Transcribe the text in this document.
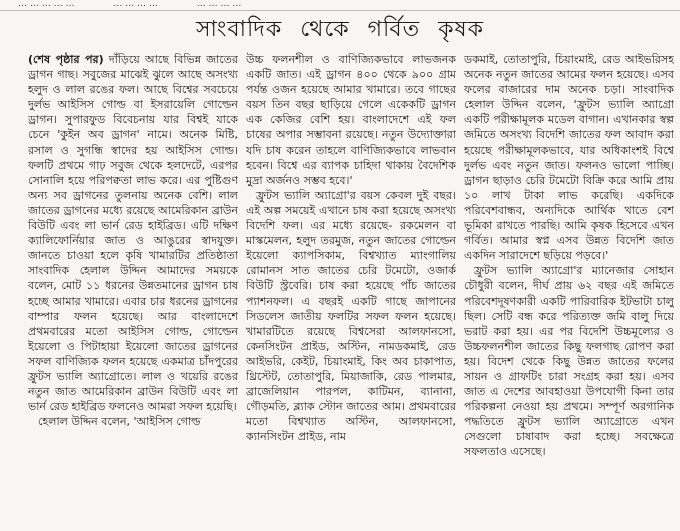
… … … … …	… … … …	… … … …
সাংবাদিক থেকে গর্বিত কৃষক

(শেষ পৃষ্ঠার পর) দাঁড়িয়ে আছে বিভিন্ন জাতের ড্রাগন গাছ। সবুজের মাঝেই ঝুলে আছে অসংখ্য হলুদ ও লাল রঙের ফল। আছে বিশ্বের সবচেয়ে দুর্লভ আইসিস গোল্ড বা ইসরায়েলি গোল্ডেন ড্রাগন। সুপারফুড বিবেচনায় যার বিশ্বই যাকে চেনে 'কুইন অব ড্রাগন' নামে। অনেক মিষ্টি, রসাল ও সুগন্ধি স্বাদের হয় আইসিস গোল্ড। ফলটি প্রথমে গাঢ় সবুজ থেকে হলদেটে, এরপর সোনালি হয়ে পরিপক্বতা লাভ করে। এর পুষ্টিগুণ অন্য সব ড্রাগনের তুলনায় অনেক বেশি। লাল জাতের ড্রাগনের মধ্যে রয়েছে আমেরিকান ব্রাউন বিউটি এবং লা ভার্ন রেড হাইব্রিড। এটি দক্ষিণ ক্যালিফোর্নিয়ার জাত ও আঙুরের স্বাদযুক্ত। জানতে চাওয়া হলে কৃষি খামারটির প্রতিষ্ঠাতা সাংবাদিক হেলাল উদ্দিন আমাদের সময়কে বলেন, মোট ১১ ধরনের উন্নতমানের ড্রাগন চাষ হচ্ছে আমার খামারে। এবার চার ধরনের ড্রাগনের বাম্পার ফলন হয়েছে। আর বাংলাদেশে প্রথমবারের মতো আইসিস গোল্ড, গোল্ডেন ইয়েলো ও পিটাহায়া ইয়েলো জাতের ড্রাগনের সফল বাণিজ্যিক ফলন হয়েছে একমাত্র চাঁদপুরের ফ্রুটস ভ্যালি অ্যাগ্রোতে। লাল ও খয়েরি রঙের নতুন জাত আমেরিকান ব্রাউন বিউটি এবং লা ভার্ন রেড হাইব্রিড ফলনেও আমরা সফল হয়েছি।

হেলাল উদ্দিন বলেন, 'আইসিস গোল্ড

উচ্চ ফলনশীল ও বাণিজ্যিকভাবে লাভজনক একটি জাত। এই ড্রাগন ৪০০ থেকে ৯০০ গ্রাম পর্যন্ত ওজন হয়েছে আমার খামারে। তবে গাছের বয়স তিন বছর ছাড়িয়ে গেলে একেকটি ড্রাগন এক কেজির বেশি হয়। বাংলাদেশে এই ফল চাষের অপার সম্ভাবনা রয়েছে। নতুন উদ্যোক্তারা যদি চাষ করেন তাহলে বাণিজ্যিকভাবে লাভবান হবেন। বিশ্বে এর ব্যাপক চাহিদা থাকায় বৈদেশিক মুদ্রা অর্জনও সম্ভব হবে।'

ফ্রুটস ভ্যালি অ্যাগ্রো'র বয়স কেবল দুই বছর। এই অল্প সময়েই এখানে চাষ করা হয়েছে অসংখ্য বিদেশি ফল। এর মধ্যে রয়েছে- রকমেলন বা মাস্কমেলন, হলুদ তরমুজ, নতুন জাতের গোল্ডেন ইয়েলো ক্যাপসিকাম, বিশ্বখ্যাত ম্যাংগালিয় রোমানস সাত জাতের চেরি টমেটো, ওজার্ক বিউটি স্ট্রবেরি। চাষ করা হয়েছে পাঁচ জাতের প্যাশনফল। এ বছরই একটি গাছে জাপানের সিডলেস জাতীয় ফলটির সফল ফলন হয়েছে। খামারটিতে রয়েছে বিশ্বসেরা আলফানসো, কেনসিংটন প্রাইড, অস্টিন, নামডকমাই, রেড আইভরি, কেইট, চিয়াংমাই, কিং অব চাকাপাত, থ্রিস্টেট, তোতাপুরি, মিয়াজাকি, রেড পালমার, ব্রাজেলিয়ান পারপল, কাটিমন, ব্যানানা, গৌড়মতি, ব্ল্যাক স্টোন জাতের আম। প্রথমবারের মতো বিশ্বখ্যাত অস্টিন, আলফানসো, ক্যানসিংটন প্রাইড, নাম

ডকমাই, তোতাপুরি, চিয়াংমাই, রেড আইভরিসহ অনেক নতুন জাতের আমের ফলন হয়েছে। এসব ফলের বাজারের দাম অনেক চড়া। সাংবাদিক হেলাল উদ্দিন বলেন, 'ফ্রুটস ভ্যালি অ্যাগ্রো একটি পরীক্ষামূলক মডেল বাগান। এখানকার স্বল্প জমিতে অসংখ্য বিদেশি জাতের ফল আবাদ করা হয়েছে পরীক্ষামূলকভাবে, যার অধিকাংশই বিশ্বে দুর্লভ এবং নতুন জাত। ফলনও ভালো পাচ্ছি। ড্রাগন ছাড়াও চেরি টমেটো বিক্রি করে আমি প্রায় ১০ লাখ টাকা লাভ করেছি। একদিকে পরিবেশবান্ধব, অন্যদিকে আর্থিক খাতে বেশ ভূমিকা রাখতে পারছি। আমি কৃষক হিসেবে এখন গর্বিত। আমার স্বপ্ন এসব উন্নত বিদেশি জাত একদিন সারাদেশে ছড়িয়ে পড়বে।'

ফ্রুটস ভ্যালি অ্যাগ্রো'র ম্যানেজার সোহান চৌধুরী বলেন, দীর্ঘ প্রায় ৬২ বছর এই জমিতে পরিবেশদূষণকারী একটি পারিবারিক ইটভাটা চালু ছিল। সেটি বন্ধ করে পরিত্যক্ত জমি বালু দিয়ে ভরাট করা হয়। এর পর বিদেশি উচ্চমূল্যের ও উচ্চফলনশীল জাতের কিছু ফলগাছ রোপণ করা হয়। বিদেশ থেকে কিছু উন্নত জাতের ফলের সায়ন ও গ্রাফটিং চারা সংগ্রহ করা হয়। এসব জাত এ দেশের আবহাওয়া উপযোগী কিনা তার পরিকল্পনা নেওয়া হয় প্রথমে। সম্পূর্ণ অরগানিক পদ্ধতিতে ফ্রুটস ভ্যালি অ্যাগ্রোতে এখন সেগুলো চাষাবাদ করা হচ্ছে। সবক্ষেত্রে সফলতাও এসেছে।
